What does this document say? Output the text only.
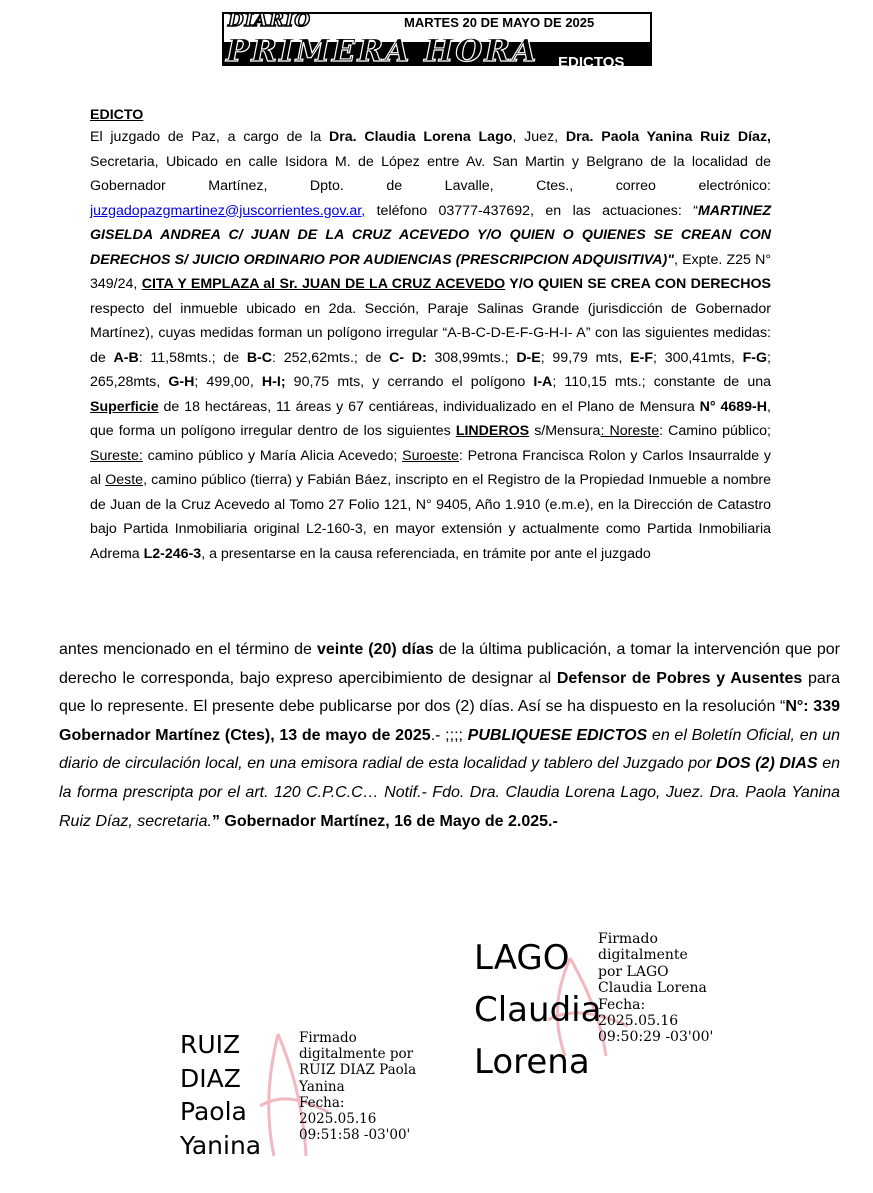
DIARIO
PRIMERA HORA
MARTES 20 DE MAYO DE 2025
EDICTOS
EDICTO

El juzgado de Paz, a cargo de la Dra. Claudia Lorena Lago, Juez, Dra. Paola Yanina Ruiz Díaz, Secretaria, Ubicado en calle Isidora M. de López entre Av. San Martin y Belgrano de la localidad de Gobernador Martínez, Dpto. de Lavalle, Ctes., correo electrónico: juzgadopazgmartinez@juscorrientes.gov.ar, teléfono 03777-437692, en las actuaciones: “MARTINEZ GISELDA ANDREA C/ JUAN DE LA CRUZ ACEVEDO Y/O QUIEN O QUIENES SE CREAN CON DERECHOS S/ JUICIO ORDINARIO POR AUDIENCIAS (PRESCRIPCION ADQUISITIVA)", Expte. Z25 N° 349/24, CITA Y EMPLAZA al Sr. JUAN DE LA CRUZ ACEVEDO Y/O QUIEN SE CREA CON DERECHOS respecto del inmueble ubicado en 2da. Sección, Paraje Salinas Grande (jurisdicción de Gobernador Martínez), cuyas medidas forman un polígono irregular “A-B-C-D-E-F-G-H-I- A” con las siguientes medidas: de A-B: 11,58mts.; de B-C: 252,62mts.; de C- D: 308,99mts.; D-E; 99,79 mts, E-F; 300,41mts, F-G; 265,28mts, G-H; 499,00, H-I; 90,75 mts, y cerrando el polígono I-A; 110,15 mts.; constante de una Superficie de 18 hectáreas, 11 áreas y 67 centiáreas, individualizado en el Plano de Mensura N° 4689-H, que forma un polígono irregular dentro de los siguientes LINDEROS s/Mensura: Noreste: Camino público; Sureste: camino público y María Alicia Acevedo; Suroeste: Petrona Francisca Rolon y Carlos Insaurralde y al Oeste, camino público (tierra) y Fabián Báez, inscripto en el Registro de la Propiedad Inmueble a nombre de Juan de la Cruz Acevedo al Tomo 27 Folio 121, N° 9405, Año 1.910 (e.m.e), en la Dirección de Catastro bajo Partida Inmobiliaria original L2-160-3, en mayor extensión y actualmente como Partida Inmobiliaria Adrema L2-246-3, a presentarse en la causa referenciada, en trámite por ante el juzgado

antes mencionado en el término de veinte (20) días de la última publicación, a tomar la intervención que por derecho le corresponda, bajo expreso apercibimiento de designar al Defensor de Pobres y Ausentes para que lo represente. El presente debe publicarse por dos (2) días. Así se ha dispuesto en la resolución “N°: 339 Gobernador Martínez (Ctes), 13 de mayo de 2025.- ;;;; PUBLIQUESE EDICTOS en el Boletín Oficial, en un diario de circulación local, en una emisora radial de esta localidad y tablero del Juzgado por DOS (2) DIAS en la forma prescripta por el art. 120 C.P.C.C… Notif.- Fdo. Dra. Claudia Lorena Lago, Juez. Dra. Paola Yanina Ruiz Díaz, secretaria.” Gobernador Martínez, 16 de Mayo de 2.025.-

LAGO
Claudia
Lorena
Firmado
digitalmente
por LAGO
Claudia Lorena
Fecha:
2025.05.16
09:50:29 -03'00'
RUIZ
DIAZ
Paola
Yanina
Firmado
digitalmente por
RUIZ DIAZ Paola
Yanina
Fecha:
2025.05.16
09:51:58 -03'00'
